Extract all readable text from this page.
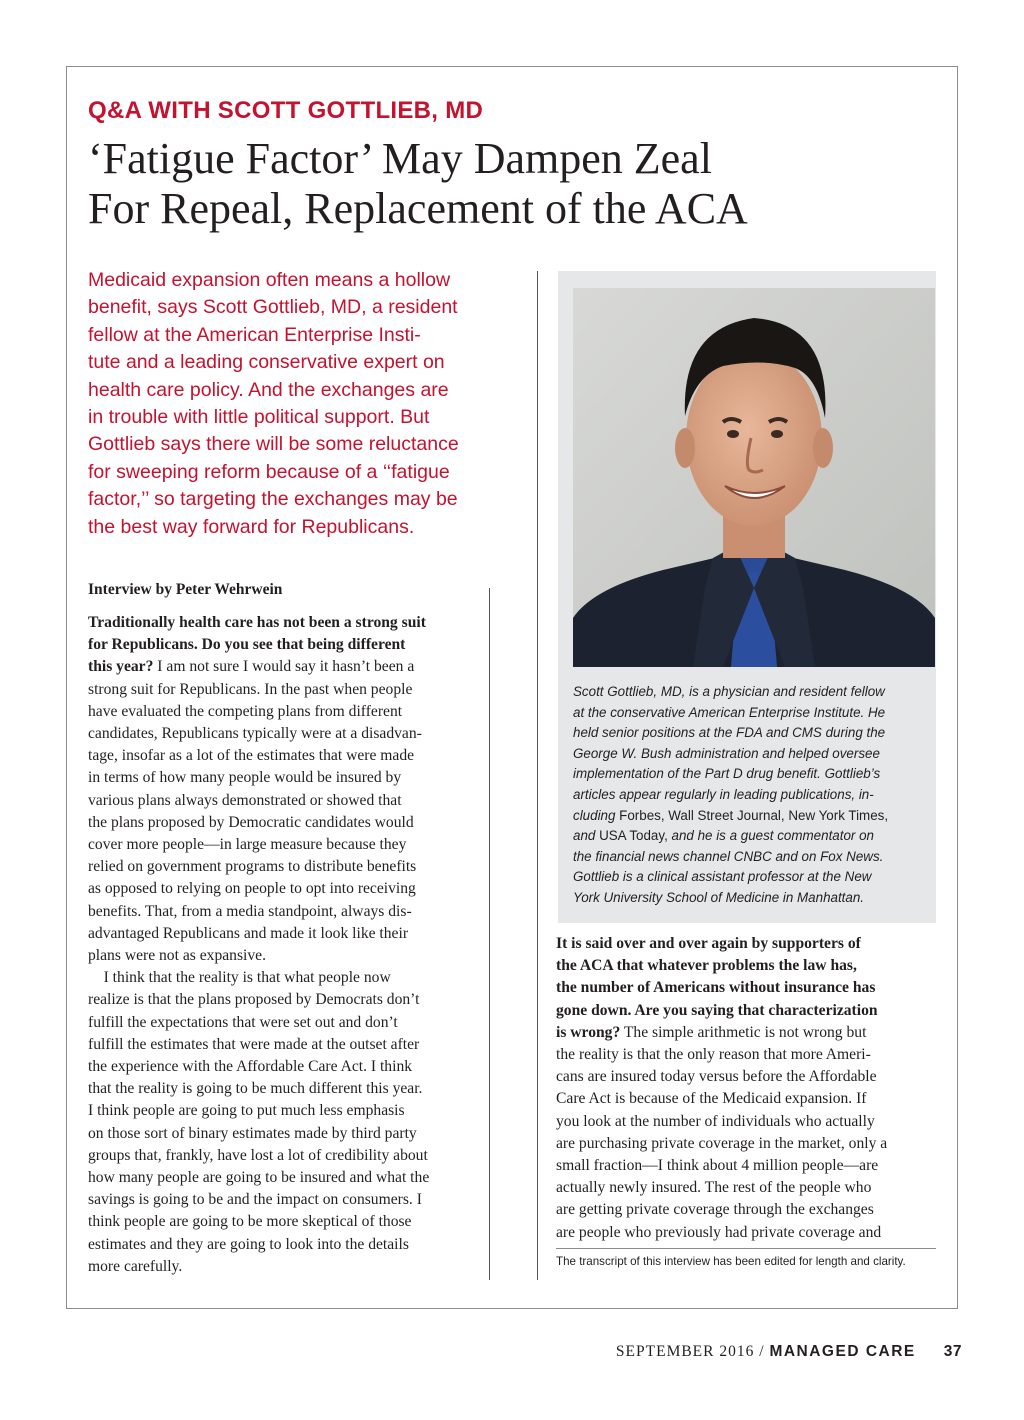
Q&A WITH SCOTT GOTTLIEB, MD
‘Fatigue Factor’ May Dampen Zeal
For Repeal, Replacement of the ACA

Medicaid expansion often means a hollow
benefit, says Scott Gottlieb, MD, a resident
fellow at the American Enterprise Insti-
tute and a leading conservative expert on
health care policy. And the exchanges are
in trouble with little political support. But
Gottlieb says there will be some reluctance
for sweeping reform because of a ‘‘fatigue
factor,’’ so targeting the exchanges may be
the best way forward for Republicans.

Interview by Peter Wehrwein

Traditionally health care has not been a strong suit
for Republicans. Do you see that being different
this year? I am not sure I would say it hasn’t been a
strong suit for Republicans. In the past when people
have evaluated the competing plans from different
candidates, Republicans typically were at a disadvan-
tage, insofar as a lot of the estimates that were made
in terms of how many people would be insured by
various plans always demonstrated or showed that
the plans proposed by Democratic candidates would
cover more people—in large measure because they
relied on government programs to distribute benefits
as opposed to relying on people to opt into receiving
benefits. That, from a media standpoint, always dis-
advantaged Republicans and made it look like their
plans were not as expansive.
I think that the reality is that what people now
realize is that the plans proposed by Democrats don’t
fulfill the expectations that were set out and don’t
fulfill the estimates that were made at the outset after
the experience with the Affordable Care Act. I think
that the reality is going to be much different this year.
I think people are going to put much less emphasis
on those sort of binary estimates made by third party
groups that, frankly, have lost a lot of credibility about
how many people are going to be insured and what the
savings is going to be and the impact on consumers. I
think people are going to be more skeptical of those
estimates and they are going to look into the details
more carefully.
Scott Gottlieb, MD, is a physician and resident fellow
at the conservative American Enterprise Institute. He
held senior positions at the FDA and CMS during the
George W. Bush administration and helped oversee
implementation of the Part D drug benefit. Gottlieb’s
articles appear regularly in leading publications, in-
cluding Forbes, Wall Street Journal, New York Times,
and USA Today, and he is a guest commentator on
the financial news channel CNBC and on Fox News.
Gottlieb is a clinical assistant professor at the New
York University School of Medicine in Manhattan.
It is said over and over again by supporters of
the ACA that whatever problems the law has,
the number of Americans without insurance has
gone down. Are you saying that characterization
is wrong? The simple arithmetic is not wrong but
the reality is that the only reason that more Ameri-
cans are insured today versus before the Affordable
Care Act is because of the Medicaid expansion. If
you look at the number of individuals who actually
are purchasing private coverage in the market, only a
small fraction—I think about 4 million people—are
actually newly insured. The rest of the people who
are getting private coverage through the exchanges
are people who previously had private coverage and

The transcript of this interview has been edited for length and clarity.

SEPTEMBER 2016 / MANAGED CARE 37
